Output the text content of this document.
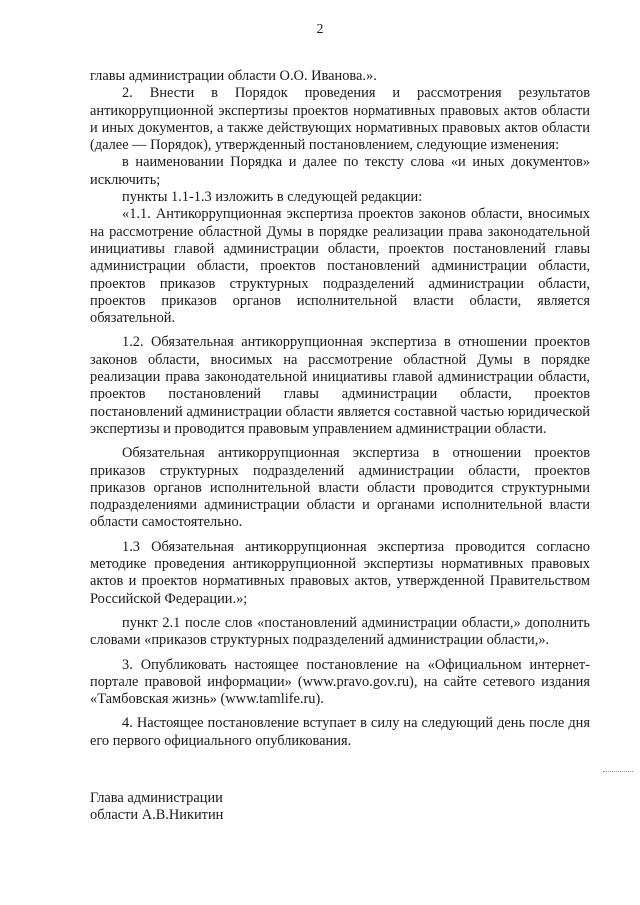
2

главы администрации области О.О. Иванова.».

2. Внести в Порядок проведения и рассмотрения результатов антикоррупционной экспертизы проектов нормативных правовых актов области и иных документов, а также действующих нормативных правовых актов области (далее — Порядок), утвержденный постановлением, следующие изменения:

в наименовании Порядка и далее по тексту слова «и иных документов» исключить;

пункты 1.1-1.3 изложить в следующей редакции:

«1.1. Антикоррупционная экспертиза проектов законов области, вносимых на рассмотрение областной Думы в порядке реализации права законодательной инициативы главой администрации области, проектов постановлений главы администрации области, проектов постановлений администрации области, проектов приказов структурных подразделений администрации области, проектов приказов органов исполнительной власти области, является обязательной.

1.2. Обязательная антикоррупционная экспертиза в отношении проектов законов области, вносимых на рассмотрение областной Думы в порядке реализации права законодательной инициативы главой администрации области, проектов постановлений главы администрации области, проектов постановлений администрации области является составной частью юридической экспертизы и проводится правовым управлением администрации области.

Обязательная антикоррупционная экспертиза в отношении проектов приказов структурных подразделений администрации области, проектов приказов органов исполнительной власти области проводится структурными подразделениями администрации области и органами исполнительной власти области самостоятельно.

1.3 Обязательная антикоррупционная экспертиза проводится согласно методике проведения антикоррупционной экспертизы нормативных правовых актов и проектов нормативных правовых актов, утвержденной Правительством Российской Федерации.»;

пункт 2.1 после слов «постановлений администрации области,» дополнить словами «приказов структурных подразделений администрации области,».

3. Опубликовать настоящее постановление на «Официальном интернет-портале правовой информации» (www.pravo.gov.ru), на сайте сетевого издания «Тамбовская жизнь» (www.tamlife.ru).

4. Настоящее постановление вступает в силу на следующий день после дня его первого официального опубликования.

Глава администрации
области А.В.Никитин
